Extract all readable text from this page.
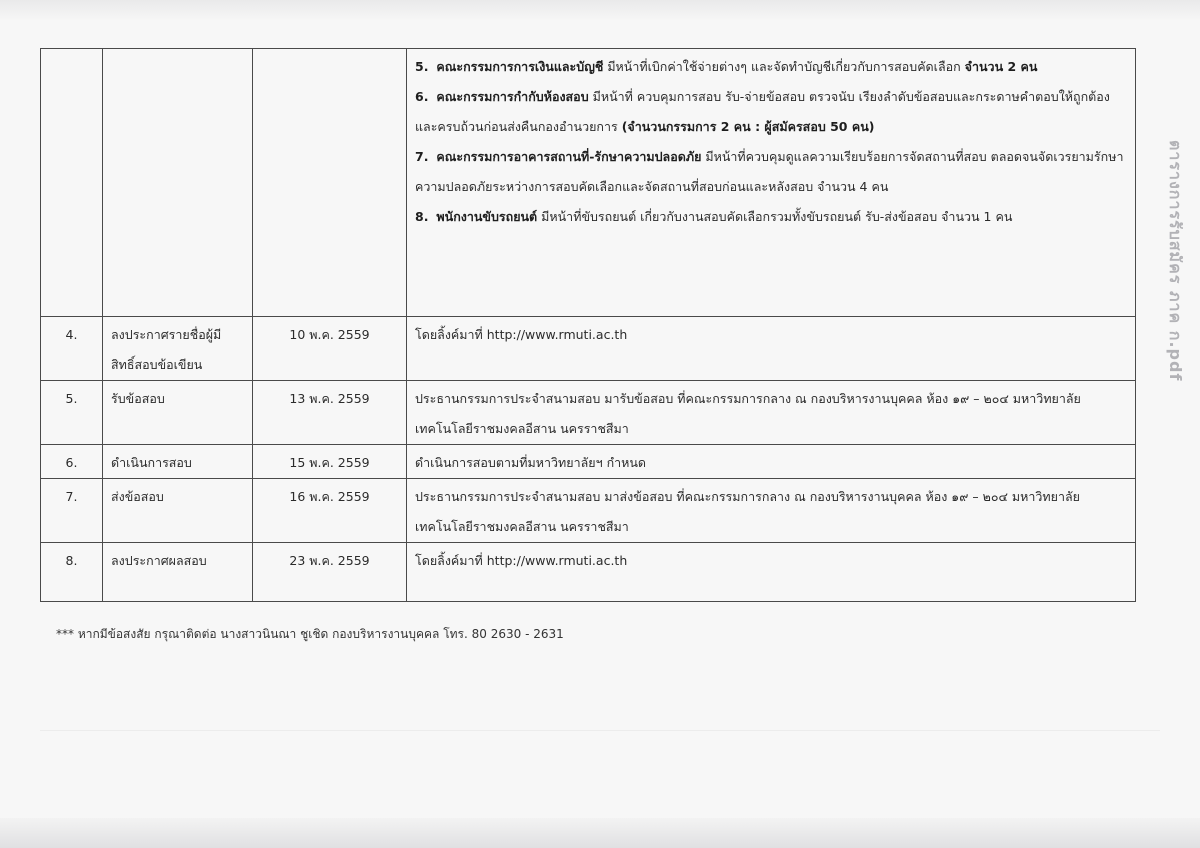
			5. คณะกรรมการการเงินและบัญชี มีหน้าที่เบิกค่าใช้จ่ายต่างๆ และจัดทำบัญชีเกี่ยวกับการสอบคัดเลือก จำนวน 2 คน

6. คณะกรรมการกำกับห้องสอบ มีหน้าที่ ควบคุมการสอบ รับ-จ่ายข้อสอบ ตรวจนับ เรียงลำดับข้อสอบและกระดาษคำตอบให้ถูกต้องและครบถ้วนก่อนส่งคืนกองอำนวยการ (จำนวนกรรมการ 2 คน : ผู้สมัครสอบ 50 คน)

7. คณะกรรมการอาคารสถานที่-รักษาความปลอดภัย มีหน้าที่ควบคุมดูแลความเรียบร้อยการจัดสถานที่สอบ ตลอดจนจัดเวรยามรักษาความปลอดภัยระหว่างการสอบคัดเลือกและจัดสถานที่สอบก่อนและหลังสอบ จำนวน 4 คน

8. พนักงานขับรถยนต์ มีหน้าที่ขับรถยนต์ เกี่ยวกับงานสอบคัดเลือกรวมทั้งขับรถยนต์ รับ-ส่งข้อสอบ จำนวน 1 คน

4.	ลงประกาศรายชื่อผู้มีสิทธิ์สอบข้อเขียน	10 พ.ค. 2559	โดยลิ้งค์มาที่ http://www.rmuti.ac.th
5.	รับข้อสอบ	13 พ.ค. 2559	ประธานกรรมการประจำสนามสอบ มารับข้อสอบ ที่คณะกรรมการกลาง ณ กองบริหารงานบุคคล ห้อง ๑๙ – ๒๐๔ มหาวิทยาลัยเทคโนโลยีราชมงคลอีสาน นครราชสีมา
6.	ดำเนินการสอบ	15 พ.ค. 2559	ดำเนินการสอบตามที่มหาวิทยาลัยฯ กำหนด
7.	ส่งข้อสอบ	16 พ.ค. 2559	ประธานกรรมการประจำสนามสอบ มาส่งข้อสอบ ที่คณะกรรมการกลาง ณ กองบริหารงานบุคคล ห้อง ๑๙ – ๒๐๔ มหาวิทยาลัยเทคโนโลยีราชมงคลอีสาน นครราชสีมา
8.	ลงประกาศผลสอบ	23 พ.ค. 2559	โดยลิ้งค์มาที่ http://www.rmuti.ac.th
*** หากมีข้อสงสัย กรุณาติดต่อ นางสาวนินณา ชูเชิด กองบริหารงานบุคคล โทร. 80 2630 - 2631
ตารางการรับสมัคร ภาค ก.pdf
